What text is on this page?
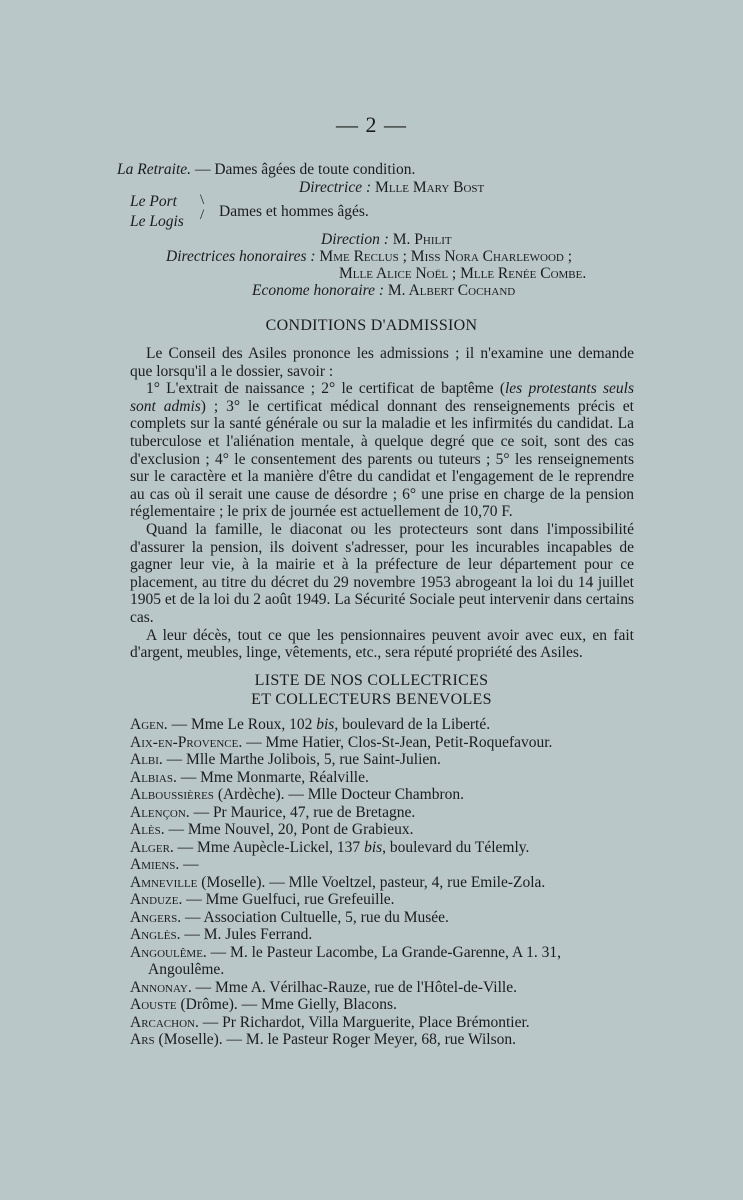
— 2 —
La Retraite. — Dames âgées de toute condition.
Directrice : Mlle Mary Bost
Le Port
Le Logis
\
/ Dames et hommes âgés.
Direction : M. Philit
Directrices honoraires : Mme Reclus ; Miss Nora Charlewood ;
Mlle Alice Noël ; Mlle Renée Combe.
Econome honoraire : M. Albert Cochand
CONDITIONS D'ADMISSION

Le Conseil des Asiles prononce les admissions ; il n'examine une demande que lorsqu'il a le dossier, savoir :

1° L'extrait de naissance ; 2° le certificat de baptême (les protestants seuls sont admis) ; 3° le certificat médical donnant des renseignements précis et complets sur la santé générale ou sur la maladie et les infirmités du candidat. La tuberculose et l'aliénation mentale, à quelque degré que ce soit, sont des cas d'exclusion ; 4° le consentement des parents ou tuteurs ; 5° les renseignements sur le caractère et la manière d'être du candidat et l'engagement de le reprendre au cas où il serait une cause de désordre ; 6° une prise en charge de la pension réglementaire ; le prix de journée est actuellement de 10,70 F.

Quand la famille, le diaconat ou les protecteurs sont dans l'impossibilité d'assurer la pension, ils doivent s'adresser, pour les incurables incapables de gagner leur vie, à la mairie et à la préfecture de leur département pour ce placement, au titre du décret du 29 novembre 1953 abrogeant la loi du 14 juillet 1905 et de la loi du 2 août 1949. La Sécurité Sociale peut intervenir dans certains cas.

A leur décès, tout ce que les pensionnaires peuvent avoir avec eux, en fait d'argent, meubles, linge, vêtements, etc., sera réputé propriété des Asiles.

LISTE DE NOS COLLECTRICES
ET COLLECTEURS BENEVOLES

Agen. — Mme Le Roux, 102 bis, boulevard de la Liberté.

Aix-en-Provence. — Mme Hatier, Clos-St-Jean, Petit-Roquefavour.

Albi. — Mlle Marthe Jolibois, 5, rue Saint-Julien.

Albias. — Mme Monmarte, Réalville.

Alboussières (Ardèche). — Mlle Docteur Chambron.

Alençon. — Pr Maurice, 47, rue de Bretagne.

Alès. — Mme Nouvel, 20, Pont de Grabieux.

Alger. — Mme Aupècle-Lickel, 137 bis, boulevard du Télemly.

Amiens. —

Amneville (Moselle). — Mlle Voeltzel, pasteur, 4, rue Emile-Zola.

Anduze. — Mme Guelfuci, rue Grefeuille.

Angers. — Association Cultuelle, 5, rue du Musée.

Anglès. — M. Jules Ferrand.

Angoulême. — M. le Pasteur Lacombe, La Grande-Garenne, A 1. 31, Angoulême.

Annonay. — Mme A. Vérilhac-Rauze, rue de l'Hôtel-de-Ville.

Aouste (Drôme). — Mme Gielly, Blacons.

Arcachon. — Pr Richardot, Villa Marguerite, Place Brémontier.

Ars (Moselle). — M. le Pasteur Roger Meyer, 68, rue Wilson.
